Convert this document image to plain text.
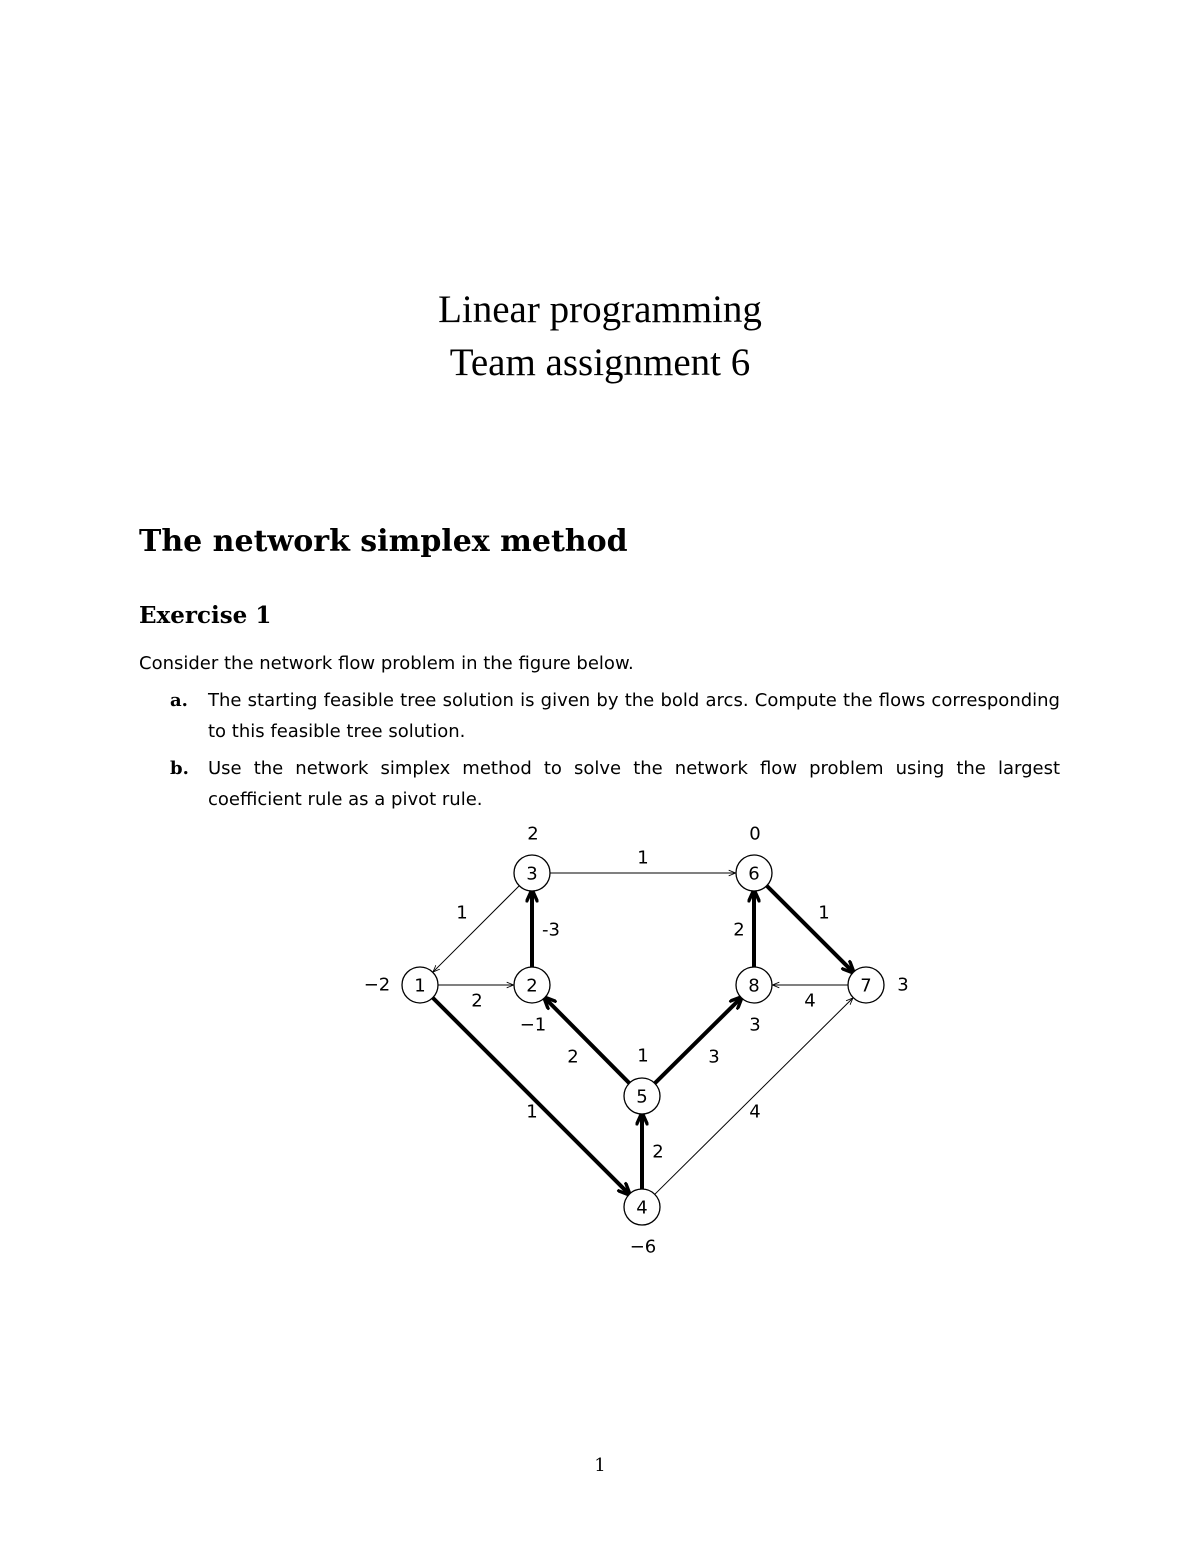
Linear programming
Team assignment 6
The network simplex method
Exercise 1
Consider the network flow problem in the figure below.
a. The starting feasible tree solution is given by the bold arcs. Compute the flows corresponding to this feasible tree solution.
b. Use the network simplex method to solve the network flow problem using the largest coefficient rule as a pivot rule.
1	2
3
4
5
6
7
8
1
2
-3
1
1
2
2
3
2
1
4
4
−2
−1
2
−6
1
0
3
3
1
